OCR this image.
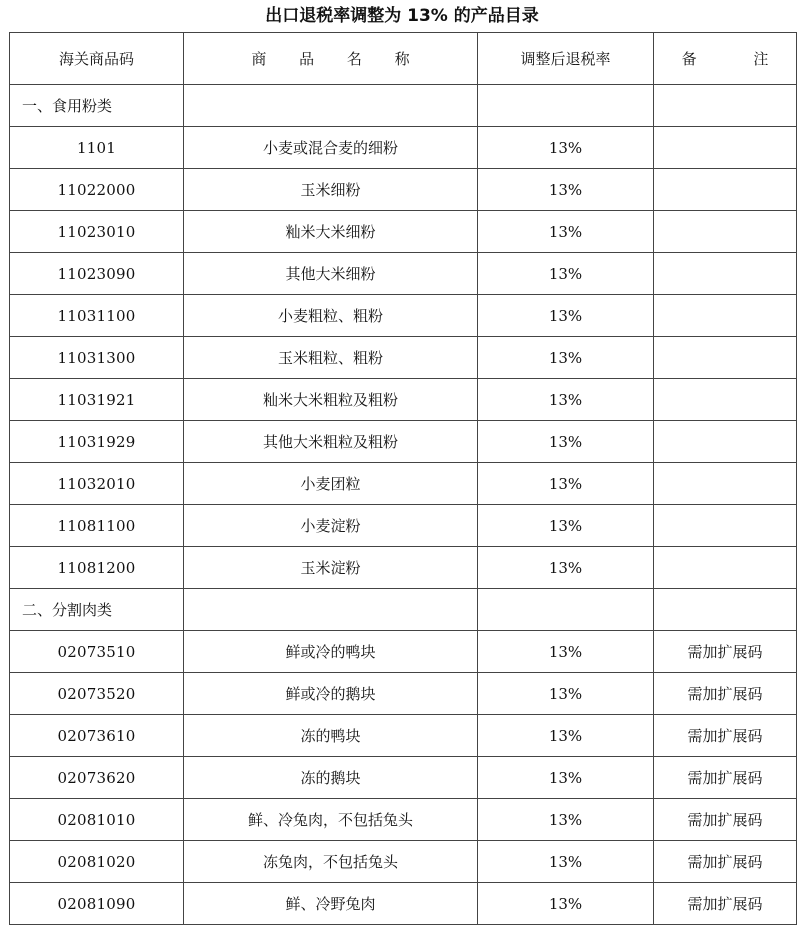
出口退税率调整为 13% 的产品目录
海关商品码	商 品 名 称	调整后退税率	备 注
一、食用粉类			
1101	小麦或混合麦的细粉	13%	
11022000	玉米细粉	13%	
11023010	籼米大米细粉	13%	
11023090	其他大米细粉	13%	
11031100	小麦粗粒、粗粉	13%	
11031300	玉米粗粒、粗粉	13%	
11031921	籼米大米粗粒及粗粉	13%	
11031929	其他大米粗粒及粗粉	13%	
11032010	小麦团粒	13%	
11081100	小麦淀粉	13%	
11081200	玉米淀粉	13%	
二、分割肉类			
02073510	鲜或冷的鸭块	13%	需加扩展码
02073520	鲜或冷的鹅块	13%	需加扩展码
02073610	冻的鸭块	13%	需加扩展码
02073620	冻的鹅块	13%	需加扩展码
02081010	鲜、冷兔肉，不包括兔头	13%	需加扩展码
02081020	冻兔肉，不包括兔头	13%	需加扩展码
02081090	鲜、冷野兔肉	13%	需加扩展码
